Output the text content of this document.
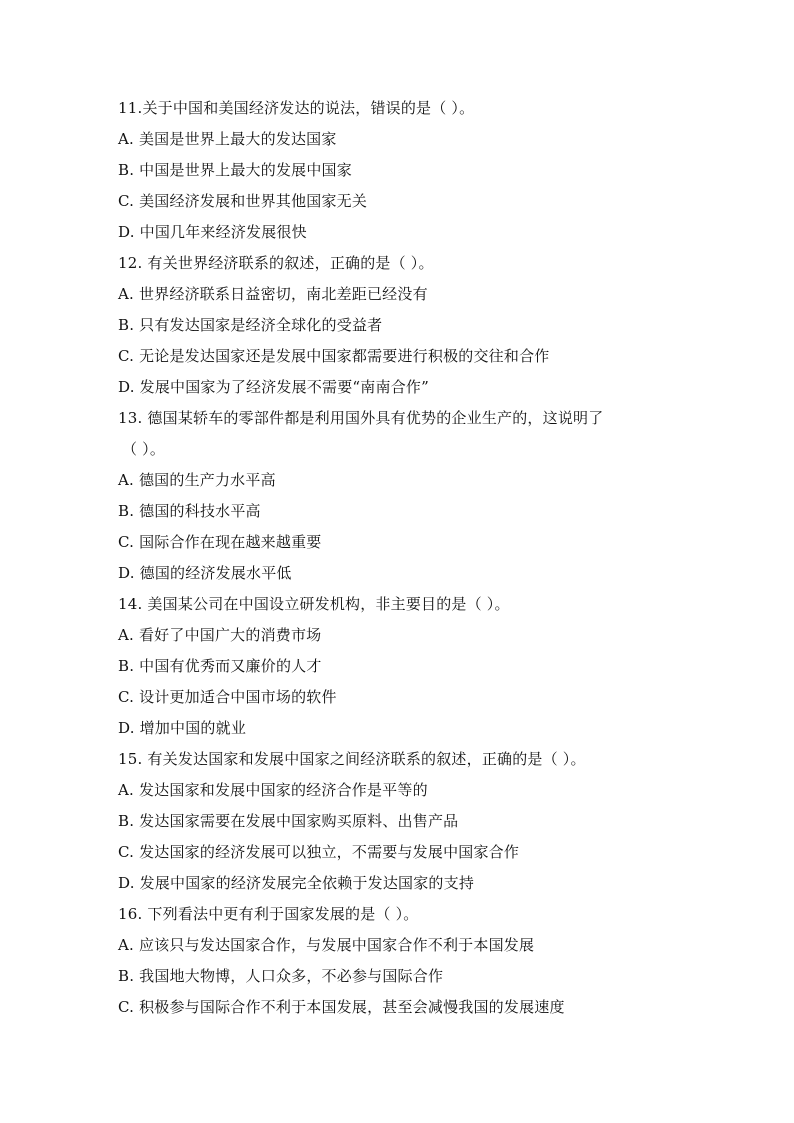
11.关于中国和美国经济发达的说法，错误的是（ ）。
A. 美国是世界上最大的发达国家
B. 中国是世界上最大的发展中国家
C. 美国经济发展和世界其他国家无关
D. 中国几年来经济发展很快
12. 有关世界经济联系的叙述，正确的是（ ）。
A. 世界经济联系日益密切，南北差距已经没有
B. 只有发达国家是经济全球化的受益者
C. 无论是发达国家还是发展中国家都需要进行积极的交往和合作
D. 发展中国家为了经济发展不需要“南南合作”
13. 德国某轿车的零部件都是利用国外具有优势的企业生产的，这说明了
（ ）。
A. 德国的生产力水平高
B. 德国的科技水平高
C. 国际合作在现在越来越重要
D. 德国的经济发展水平低
14. 美国某公司在中国设立研发机构，非主要目的是（ ）。
A. 看好了中国广大的消费市场
B. 中国有优秀而又廉价的人才
C. 设计更加适合中国市场的软件
D. 增加中国的就业
15. 有关发达国家和发展中国家之间经济联系的叙述，正确的是（ ）。
A. 发达国家和发展中国家的经济合作是平等的
B. 发达国家需要在发展中国家购买原料、出售产品
C. 发达国家的经济发展可以独立，不需要与发展中国家合作
D. 发展中国家的经济发展完全依赖于发达国家的支持
16. 下列看法中更有利于国家发展的是（ ）。
A. 应该只与发达国家合作，与发展中国家合作不利于本国发展
B. 我国地大物博，人口众多，不必参与国际合作
C. 积极参与国际合作不利于本国发展，甚至会减慢我国的发展速度
